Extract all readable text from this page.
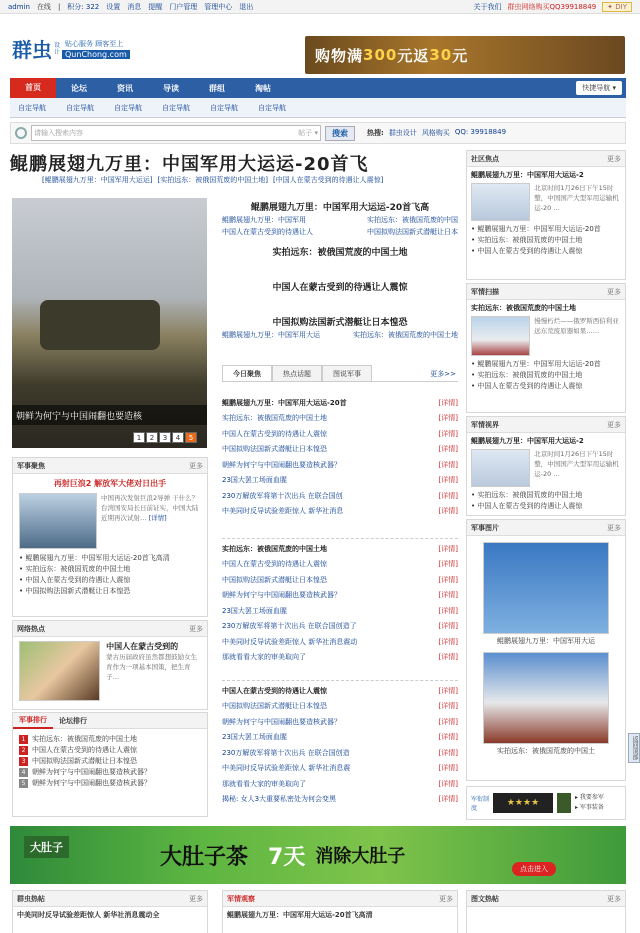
admin 在线 | 积分: 322 设置 消息 提醒 门户管理 管理中心 退出	关于我们 群虫网络购买QQ39918849	✦ DIY
群虫 设计
贴心服务 顾客至上
QunChong.com	购物满 300 元返 30 元
首页	论坛	资讯	导读	群组	淘帖	快捷导航 ▾
自定导航	自定导航	自定导航	自定导航	自定导航	自定导航
请输入搜索内容	帖子 ▾	搜索	热搜: 群虫设计 风格购买 QQ: 39918849
鲲鹏展翅九万里：中国军用大运运-20首飞
[鲲鹏展翅九万里：中国军用大运运] [实拍远东：被俄国荒废的中国土地] [中国人在蒙古受到的待遇让人震惊]
朝鲜为何宁与中国闹翻也要造核
1	2	3	4	5
鲲鹏展翅九万里：中国军用大运运-20首飞高
鲲鹏展翅九万里：中国军用	实拍远东：被俄国荒废的中国
中国人在蒙古受到的待遇让人	中国拟购法国新式潜艇让日本
实拍远东：被俄国荒废的中国土地
中国人在蒙古受到的待遇让人震惊
中国拟购法国新式潜艇让日本惶恐
鲲鹏展翅九万里：中国军用大运	实拍远东：被俄国荒废的中国土地
今日聚焦	热点话题	图说军事	更多>>
鲲鹏展翅九万里：中国军用大运运-20首	[详情]
实拍远东：被俄国荒废的中国土地	[详情]
中国人在蒙古受到的待遇让人震惊	[详情]
中国拟购法国新式潜艇让日本惶恐	[详情]
朝鲜为何宁与中国闹翻也要造核武器？	[详情]
23国大罢工场面血腥	[详情]
230万解放军将第十次出兵 在联合国创	[详情]
中美同时反导试验差距惊人 新华社消息	[详情]
实拍远东：被俄国荒废的中国土地	[详情]
中国人在蒙古受到的待遇让人震惊	[详情]
中国拟购法国新式潜艇让日本惶恐	[详情]
朝鲜为何宁与中国闹翻也要造核武器？	[详情]
23国大罢工场面血腥	[详情]
230万解放军将第十次出兵 在联合国创造了	[详情]
中美同时反导试验差距惊人 新华社消息震动	[详情]
那就看看大家的审美取向了	[详情]
中国人在蒙古受到的待遇让人震惊	[详情]
中国拟购法国新式潜艇让日本惶恐	[详情]
朝鲜为何宁与中国闹翻也要造核武器？	[详情]
23国大罢工场面血腥	[详情]
230万解放军将第十次出兵 在联合国创造	[详情]
中美同时反导试验差距惊人 新华社消息震	[详情]
那就看看大家的审美取向了	[详情]
揭秘: 女人3大重要私密处为何会变黑	[详情]
军事聚焦	更多
再射巨浪2 解放军大佬对日出手
中国再次发射巨浪2导弹 干什么？ 台湾国安局长日前证实，中国大陆近期再次试射… [详情]
• 鲲鹏展翅九万里：中国军用大运运-20首飞高清
• 实拍远东：被俄国荒废的中国土地
• 中国人在蒙古受到的待遇让人震惊
• 中国拟购法国新式潜艇让日本惶恐
网络热点	更多
中国人在蒙古受到的
蒙古历届政府虽然都想鼓励女生育作为一项基本国策，把生育子…
军事排行	论坛排行
1 实拍远东：被俄国荒废的中国土地
2 中国人在蒙古受到的待遇让人震惊
3 中国拟购法国新式潜艇让日本惶恐
4 朝鲜为何宁与中国闹翻也要造核武器？
5 朝鲜为何宁与中国闹翻也要造核武器？
社区焦点	更多
鲲鹏展翅九万里：中国军用大运运-2
北京时间1月26日下午15时整，中国国产大型军用运输机运-20 …
• 鲲鹏展翅九万里：中国军用大运运-20首
• 实拍远东：被俄国荒废的中国土地
• 中国人在蒙古受到的待遇让人震惊
军情扫描	更多
实拍远东：被俄国荒废的中国土地
慢慢朽烂——俄罗斯西伯利亚远东荒废原器如果……
• 鲲鹏展翅九万里：中国军用大运运-20首
• 实拍远东：被俄国荒废的中国土地
• 中国人在蒙古受到的待遇让人震惊
军情视界	更多
鲲鹏展翅九万里：中国军用大运运-2
北京时间1月26日下午15时整，中国国产大型军用运输机运-20 …
• 实拍远东：被俄国荒废的中国土地
• 中国人在蒙古受到的待遇让人震惊
军事图片	更多
鲲鹏展翅九万里：中国军用大运
实拍远东：被俄国荒废的中国土
军衔制度
★★★★
▸ 我要参军
▸ 军事装备
返回顶部
大肚子	大肚子茶 7天 消除大肚子
点击进入
群虫热帖	更多
中美同时反导试验差距惊人 新华社消息震动全
军情观察	更多
鲲鹏展翅九万里：中国军用大运运-20首飞高清
图文热帖	更多
